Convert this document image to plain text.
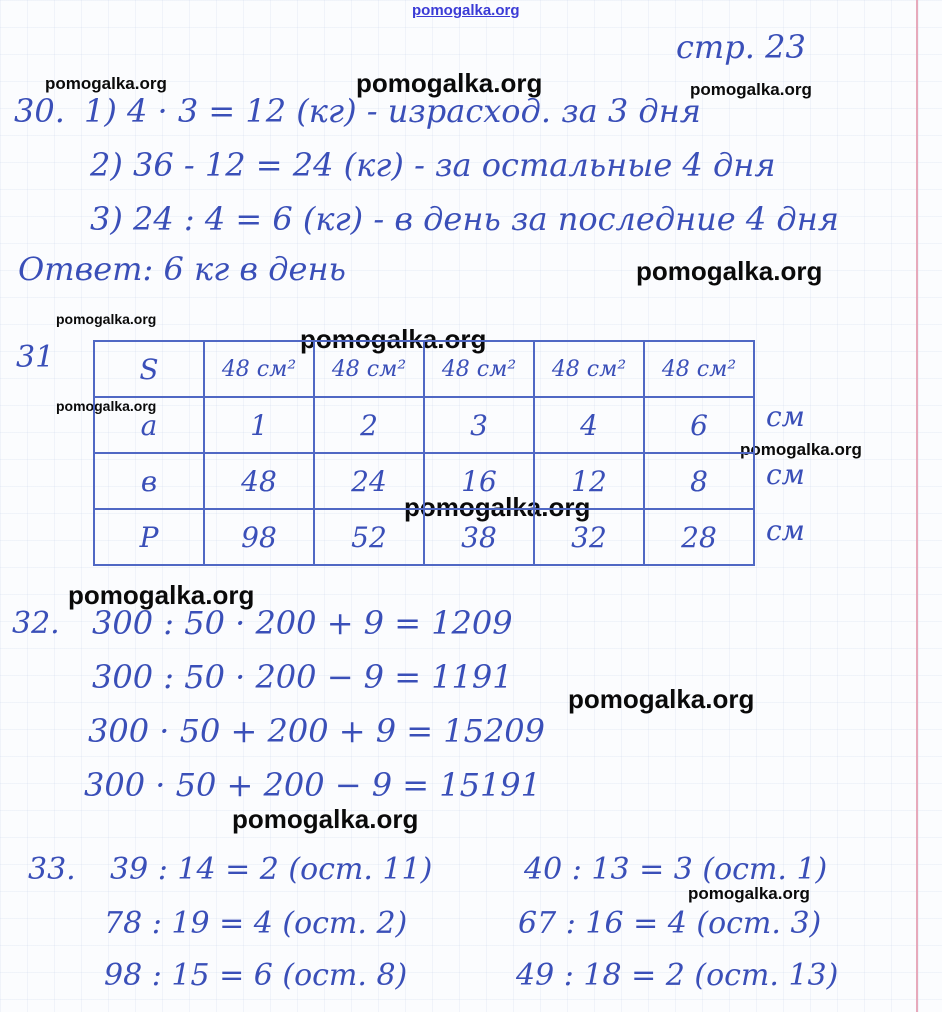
pomogalka.org
pomogalka.org	pomogalka.org	pomogalka.org
pomogalka.org
pomogalka.org
pomogalka.org
pomogalka.org
pomogalka.org
pomogalka.org
pomogalka.org
pomogalka.org
pomogalka.org
pomogalka.org
стр. 23
30. 1) 4 · 3 = 12 (кг) - израсход. за 3 дня
2) 36 - 12 = 24 (кг) - за остальные 4 дня
3) 24 : 4 = 6 (кг) - в день за последние 4 дня
Ответ: 6 кг в день
31	S	48 см²	48 см²	48 см²	48 см²	48 см²
a	1	2	3	4	6
в	48	24	16	12	8
P	98	52	38	32	28
см
см
см
32. 300 : 50 · 200 + 9 = 1209
300 : 50 · 200 − 9 = 1191
300 · 50 + 200 + 9 = 15209
300 · 50 + 200 − 9 = 15191
33. 39 : 14 = 2 (ост. 11)
78 : 19 = 4 (ост. 2)
98 : 15 = 6 (ост. 8)
40 : 13 = 3 (ост. 1)
67 : 16 = 4 (ост. 3)
49 : 18 = 2 (ост. 13)
